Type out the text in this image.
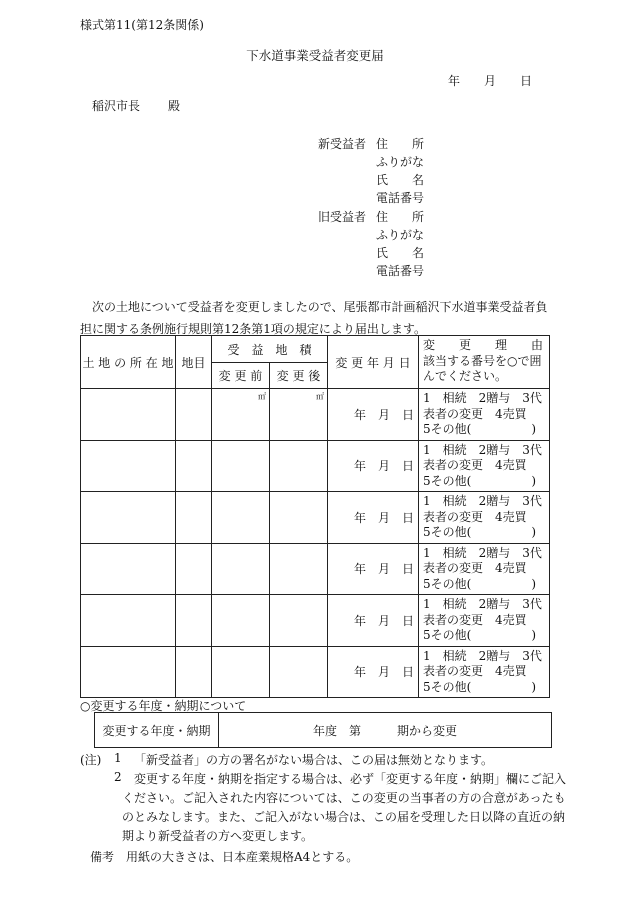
様式第11(第12条関係)
下水道事業受益者変更届
年 月 日
稲沢市長 殿
新受益者 住　　所
ふりがな
氏　　名
電話番号
旧受益者 住　　所
ふりがな
氏　　名
電話番号
　次の土地について受益者を変更しましたので、尾張都市計画稲沢下水道事業受益者負担に関する条例施行規則第12条第1項の規定により届出します。
土 地 の 所 在 地	地目	受　益　地　積		変 更 年 月 日	変　　更　　理　　由
該当する番号を○で囲んでください。

		変 更 前	変 更 後		
		㎡	㎡	年　月　日	1　相続　2贈与　3代
表者の変更　4売買
5その他(　　　　　)

				年　月　日	1　相続　2贈与　3代
表者の変更　4売買
5その他(　　　　　)

				年　月　日	1　相続　2贈与　3代
表者の変更　4売買
5その他(　　　　　)

				年　月　日	1　相続　2贈与　3代
表者の変更　4売買
5その他(　　　　　)

				年　月　日	1　相続　2贈与　3代
表者の変更　4売買
5その他(　　　　　)

				年　月　日	1　相続　2贈与　3代
表者の変更　4売買
5その他(　　　　　)
○変更する年度・納期について
変更する年度・納期	年度　第　　　期から変更
(注) 1 「新受益者」の方の署名がない場合は、この届は無効となります。
2 変更する年度・納期を指定する場合は、必ず「変更する年度・納期」欄にご記入
ください。ご記入された内容については、この変更の当事者の方の合意があったも
のとみなします。また、ご記入がない場合は、この届を受理した日以降の直近の納
期より新受益者の方へ変更します。
備考　用紙の大きさは、日本産業規格A4とする。
